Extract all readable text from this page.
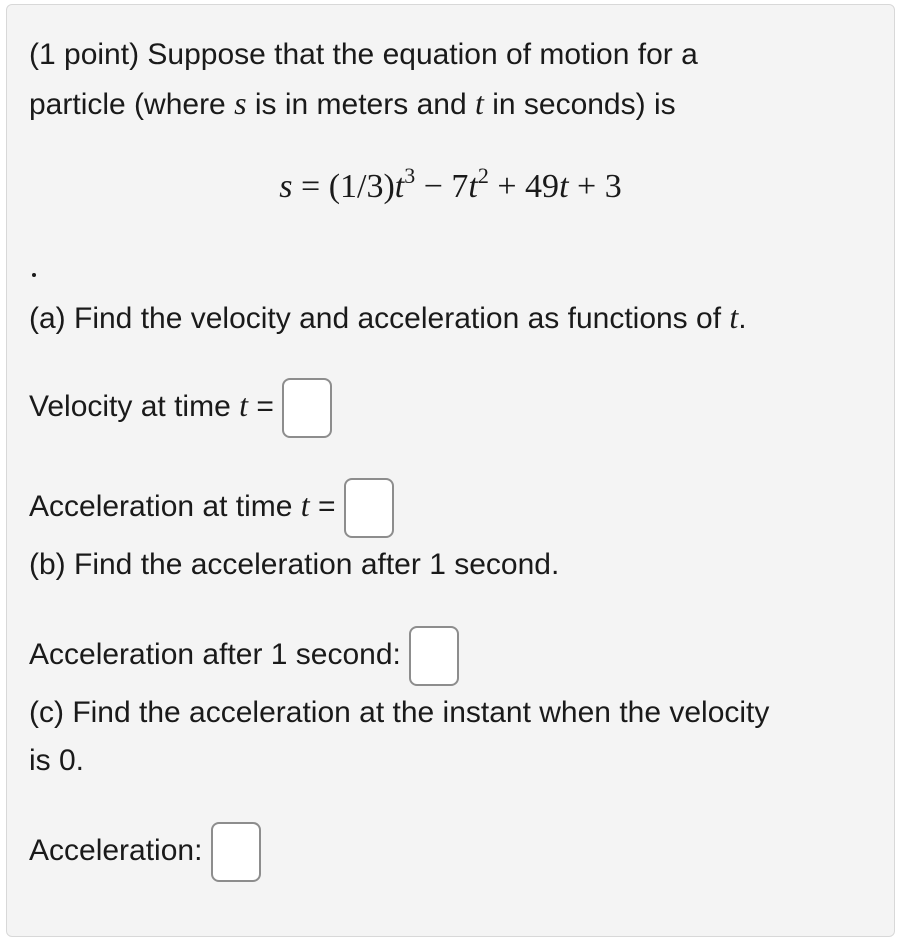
(1 point) Suppose that the equation of motion for a
particle (where s is in meters and t in seconds) is
$s = (1/3)t^3 - 7t^2 + 49t + 3$
(a) Find the velocity and acceleration as functions of t.
Velocity at time t =
Acceleration at time t =
(b) Find the acceleration after 1 second.
Acceleration after 1 second:
(c) Find the acceleration at the instant when the velocity
is 0.
Acceleration:
